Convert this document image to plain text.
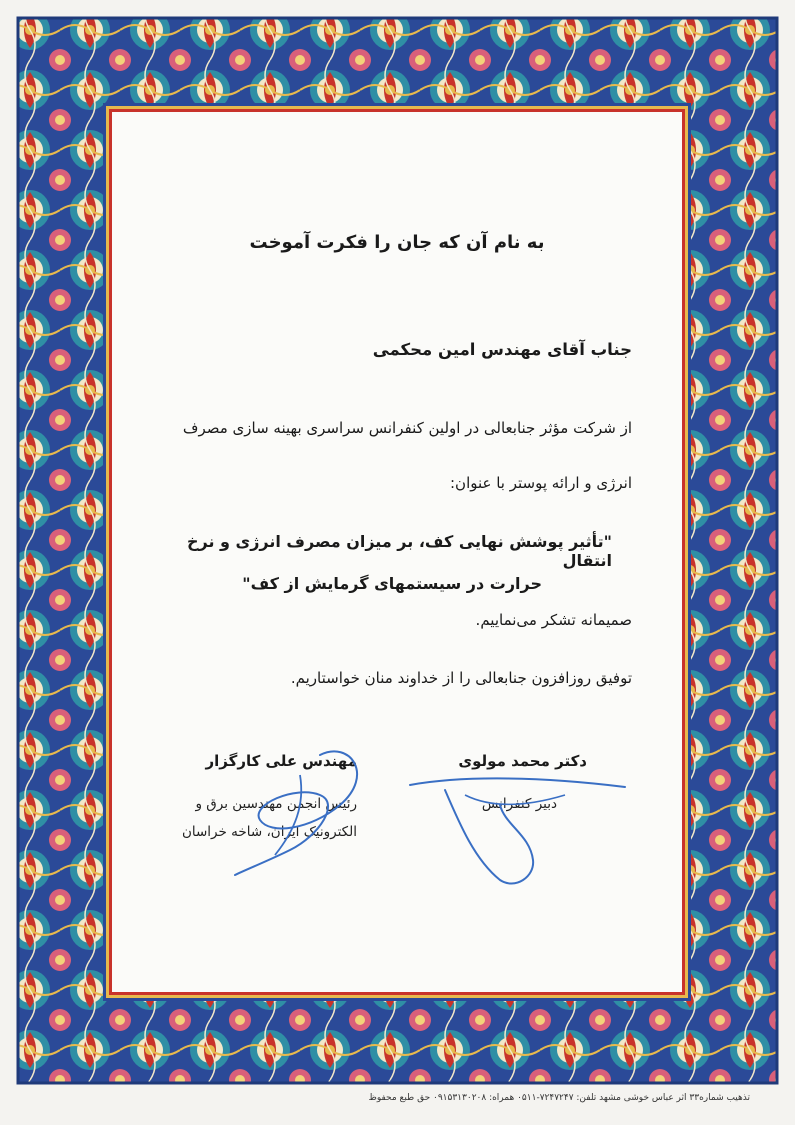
به نام آن که جان را فکرت آموخت
جناب آقای مهندس امین محکمی
از شرکت مؤثر جنابعالی در اولین کنفرانس سراسری بهینه سازی مصرف
انرژی و ارائه پوستر با عنوان:
"تأثیر پوشش نهایی کف، بر میزان مصرف انرژی و نرخ انتقال
حرارت در سیستمهای گرمایش از کف"
صمیمانه تشکر می‌نماییم.
توفیق روزافزون جنابعالی را از خداوند منان خواستاریم.
دکتر محمد مولوی
دبیر کنفرانس
مهندس علی کارگزار
رئیس انجمن مهندسین برق و
الکترونیک ایران، شاخه خراسان
تذهیب شماره۳۳ اثر عباس خوشی مشهد تلفن: ۷۲۴۷۲۴۷-۰۵۱۱ همراه: ۰۹۱۵۳۱۳۰۲۰۸ حق طبع محفوظ
